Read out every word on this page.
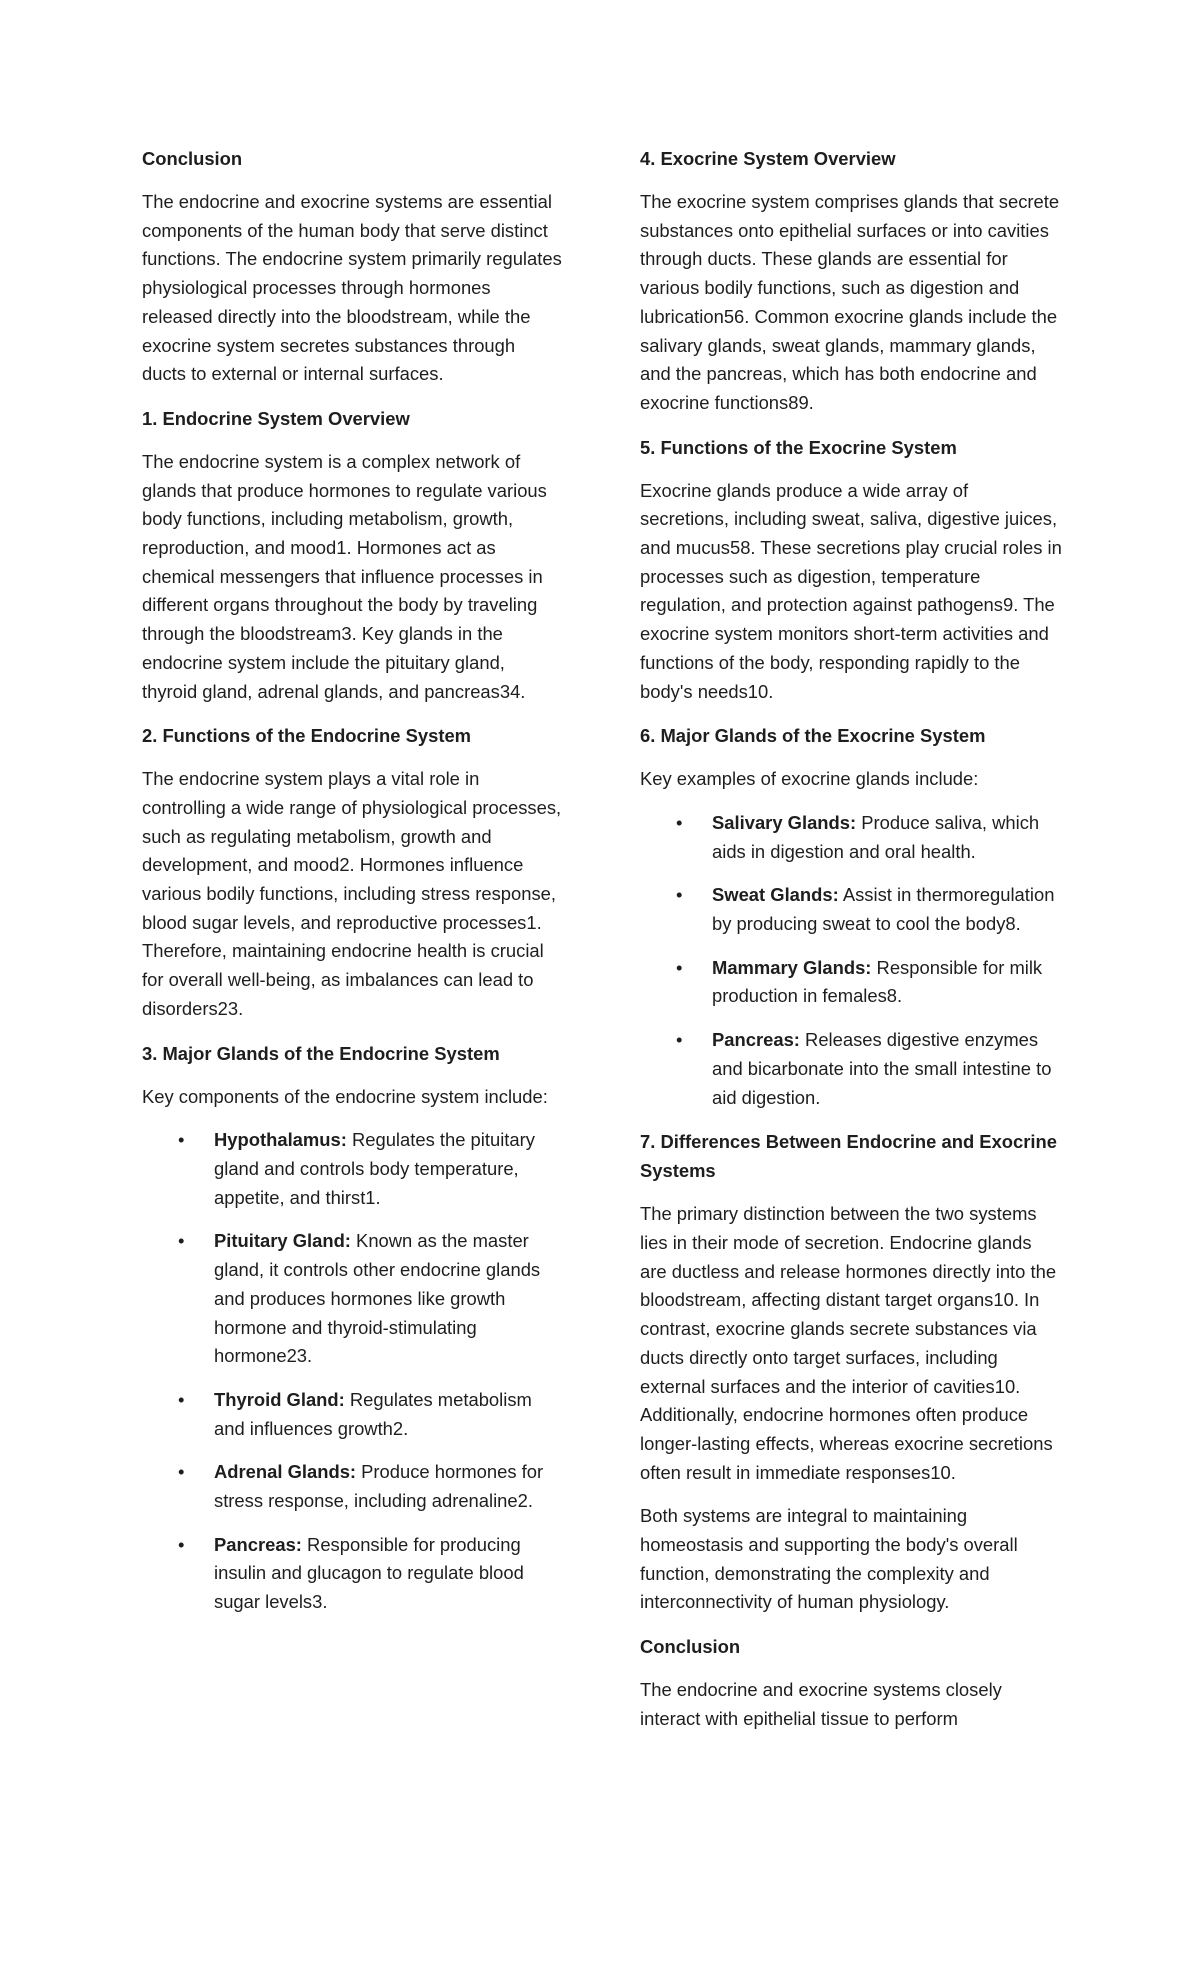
Conclusion

The endocrine and exocrine systems are essential components of the human body that serve distinct functions. The endocrine system primarily regulates physiological processes through hormones released directly into the bloodstream, while the exocrine system secretes substances through ducts to external or internal surfaces.

1. Endocrine System Overview

The endocrine system is a complex network of glands that produce hormones to regulate various body functions, including metabolism, growth, reproduction, and mood1. Hormones act as chemical messengers that influence processes in different organs throughout the body by traveling through the bloodstream3. Key glands in the endocrine system include the pituitary gland, thyroid gland, adrenal glands, and pancreas34.

2. Functions of the Endocrine System

The endocrine system plays a vital role in controlling a wide range of physiological processes, such as regulating metabolism, growth and development, and mood2. Hormones influence various bodily functions, including stress response, blood sugar levels, and reproductive processes1. Therefore, maintaining endocrine health is crucial for overall well-being, as imbalances can lead to disorders23.

3. Major Glands of the Endocrine System

Key components of the endocrine system include:

• Hypothalamus: Regulates the pituitary gland and controls body temperature, appetite, and thirst1.
• Pituitary Gland: Known as the master gland, it controls other endocrine glands and produces hormones like growth hormone and thyroid-stimulating hormone23.
• Thyroid Gland: Regulates metabolism and influences growth2.
• Adrenal Glands: Produce hormones for stress response, including adrenaline2.
• Pancreas: Responsible for producing insulin and glucagon to regulate blood sugar levels3.
4. Exocrine System Overview

The exocrine system comprises glands that secrete substances onto epithelial surfaces or into cavities through ducts. These glands are essential for various bodily functions, such as digestion and lubrication56. Common exocrine glands include the salivary glands, sweat glands, mammary glands, and the pancreas, which has both endocrine and exocrine functions89.

5. Functions of the Exocrine System

Exocrine glands produce a wide array of secretions, including sweat, saliva, digestive juices, and mucus58. These secretions play crucial roles in processes such as digestion, temperature regulation, and protection against pathogens9. The exocrine system monitors short-term activities and functions of the body, responding rapidly to the body's needs10.

6. Major Glands of the Exocrine System

Key examples of exocrine glands include:

• Salivary Glands: Produce saliva, which aids in digestion and oral health.
• Sweat Glands: Assist in thermoregulation by producing sweat to cool the body8.
• Mammary Glands: Responsible for milk production in females8.
• Pancreas: Releases digestive enzymes and bicarbonate into the small intestine to aid digestion.
7. Differences Between Endocrine and Exocrine Systems

The primary distinction between the two systems lies in their mode of secretion. Endocrine glands are ductless and release hormones directly into the bloodstream, affecting distant target organs10. In contrast, exocrine glands secrete substances via ducts directly onto target surfaces, including external surfaces and the interior of cavities10. Additionally, endocrine hormones often produce longer-lasting effects, whereas exocrine secretions often result in immediate responses10.

Both systems are integral to maintaining homeostasis and supporting the body's overall function, demonstrating the complexity and interconnectivity of human physiology.

Conclusion

The endocrine and exocrine systems closely interact with epithelial tissue to perform
